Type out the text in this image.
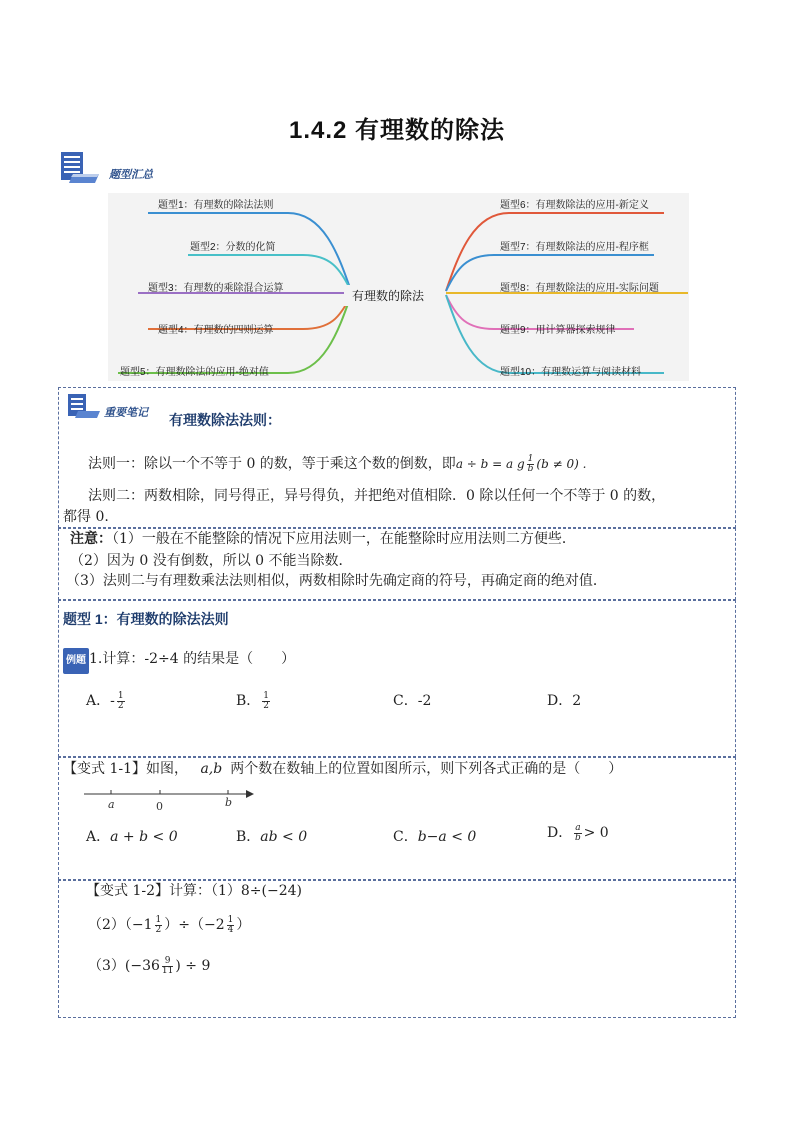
1.4.2 有理数的除法
题型汇总
题型1：有理数的除法法则
题型2：分数的化简
题型3：有理数的乘除混合运算
题型4：有理数的四则运算
题型5：有理数除法的应用-绝对值
有理数的除法
题型6：有理数除法的应用-新定义
题型7：有理数除法的应用-程序框
题型8：有理数除法的应用-实际问题
题型9：用计算器探索规律
题型10：有理数运算与阅读材料
重要笔记 有理数除法法则：
法则一：除以一个不等于 0 的数，等于乘这个数的倒数，即a ÷ b = a g $\frac{1}{b} (b \ne 0)$ .
法则二：两数相除，同号得正，异号得负，并把绝对值相除．0 除以任何一个不等于 0 的数，
都得 0.
注意：（1）一般在不能整除的情况下应用法则一，在能整除时应用法则二方便些．
（2）因为 0 没有倒数，所以 0 不能当除数．
（3）法则二与有理数乘法法则相似，两数相除时先确定商的符号，再确定商的绝对值．
题型 1：有理数的除法法则
例题 1.计算：-2÷4 的结果是（　　）
A．- $\frac{1}{2}$	B． $\frac{1}{2}$	C．-2	D．2
【变式 1-1】如图， a,b 两个数在数轴上的位置如图所示，则下列各式正确的是（　　）
a	0	b
A．a + b < 0	B．ab < 0	C．b−a < 0	D． $\frac{a}{b} > 0$
【变式 1-2】计算：（1）8÷(−24)
$(2)(-1 \frac{1}{2} )\div(-2 \frac{1}{4}$ ）
$(3)(-36 \frac{9}{11}$ ) ÷ 9
